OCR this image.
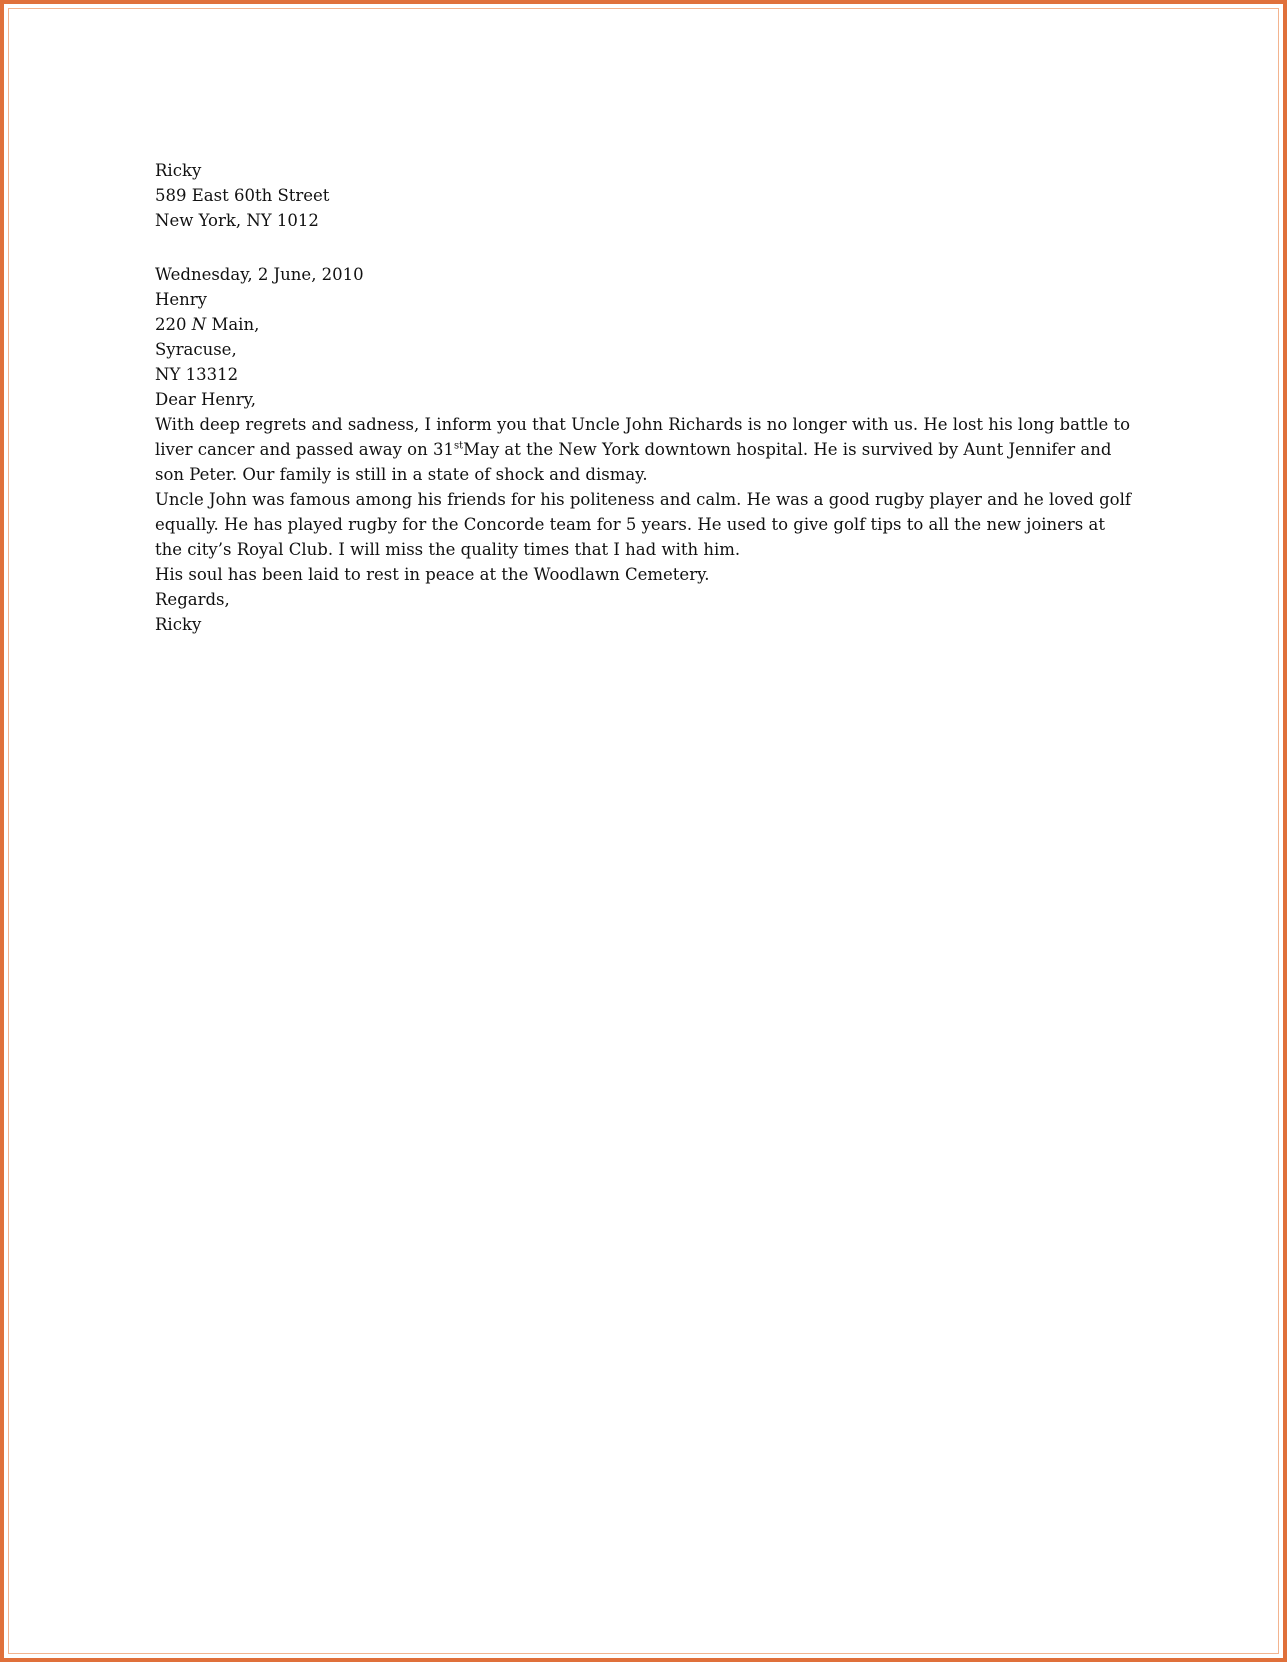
Ricky
589 East 60th Street
New York, NY 1012

Wednesday, 2 June, 2010

Henry

220 N Main,

Syracuse,

NY 13312

Dear Henry,

With deep regrets and sadness, I inform you that Uncle John Richards is no longer with us. He lost his long battle to liver cancer and passed away on 31stMay at the New York downtown hospital. He is survived by Aunt Jennifer and son Peter. Our family is still in a state of shock and dismay.

Uncle John was famous among his friends for his politeness and calm. He was a good rugby player and he loved golf equally. He has played rugby for the Concorde team for 5 years. He used to give golf tips to all the new joiners at the city’s Royal Club. I will miss the quality times that I had with him.

His soul has been laid to rest in peace at the Woodlawn Cemetery.

Regards,

Ricky
